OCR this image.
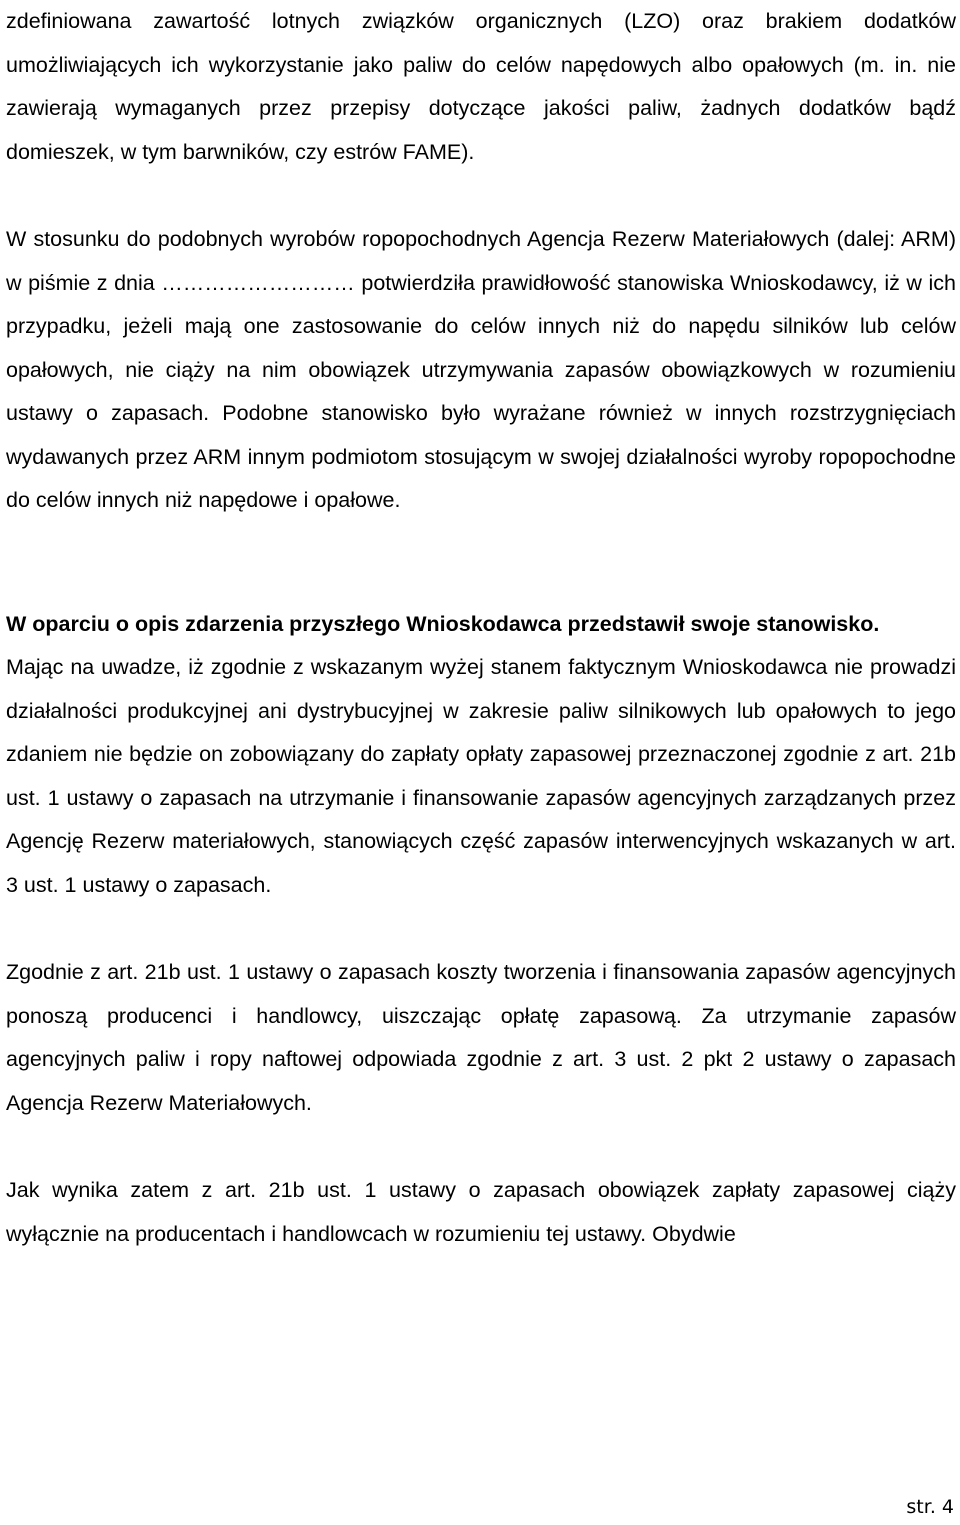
zdefiniowana zawartość lotnych związków organicznych (LZO) oraz brakiem dodatków umożliwiających ich wykorzystanie jako paliw do celów napędowych albo opałowych (m. in. nie zawierają wymaganych przez przepisy dotyczące jakości paliw, żadnych dodatków bądź domieszek, w tym barwników, czy estrów FAME).

W stosunku do podobnych wyrobów ropopochodnych Agencja Rezerw Materiałowych (dalej: ARM) w piśmie z dnia ……………………… potwierdziła prawidłowość stanowiska Wnioskodawcy, iż w ich przypadku, jeżeli mają one zastosowanie do celów innych niż do napędu silników lub celów opałowych, nie ciąży na nim obowiązek utrzymywania zapasów obowiązkowych w rozumieniu ustawy o zapasach. Podobne stanowisko było wyrażane również w innych rozstrzygnięciach wydawanych przez ARM innym podmiotom stosującym w swojej działalności wyroby ropopochodne do celów innych niż napędowe i opałowe.

W oparciu o opis zdarzenia przyszłego Wnioskodawca przedstawił swoje stanowisko.

Mając na uwadze, iż zgodnie z wskazanym wyżej stanem faktycznym Wnioskodawca nie prowadzi działalności produkcyjnej ani dystrybucyjnej w zakresie paliw silnikowych lub opałowych to jego zdaniem nie będzie on zobowiązany do zapłaty opłaty zapasowej przeznaczonej zgodnie z art. 21b ust. 1 ustawy o zapasach na utrzymanie i finansowanie zapasów agencyjnych zarządzanych przez Agencję Rezerw materiałowych, stanowiących część zapasów interwencyjnych wskazanych w art. 3 ust. 1 ustawy o zapasach.

Zgodnie z art. 21b ust. 1 ustawy o zapasach koszty tworzenia i finansowania zapasów agencyjnych ponoszą producenci i handlowcy, uiszczając opłatę zapasową. Za utrzymanie zapasów agencyjnych paliw i ropy naftowej odpowiada zgodnie z art. 3 ust. 2 pkt 2 ustawy o zapasach Agencja Rezerw Materiałowych.

Jak wynika zatem z art. 21b ust. 1 ustawy o zapasach obowiązek zapłaty zapasowej ciąży wyłącznie na producentach i handlowcach w rozumieniu tej ustawy. Obydwie

str. 4
